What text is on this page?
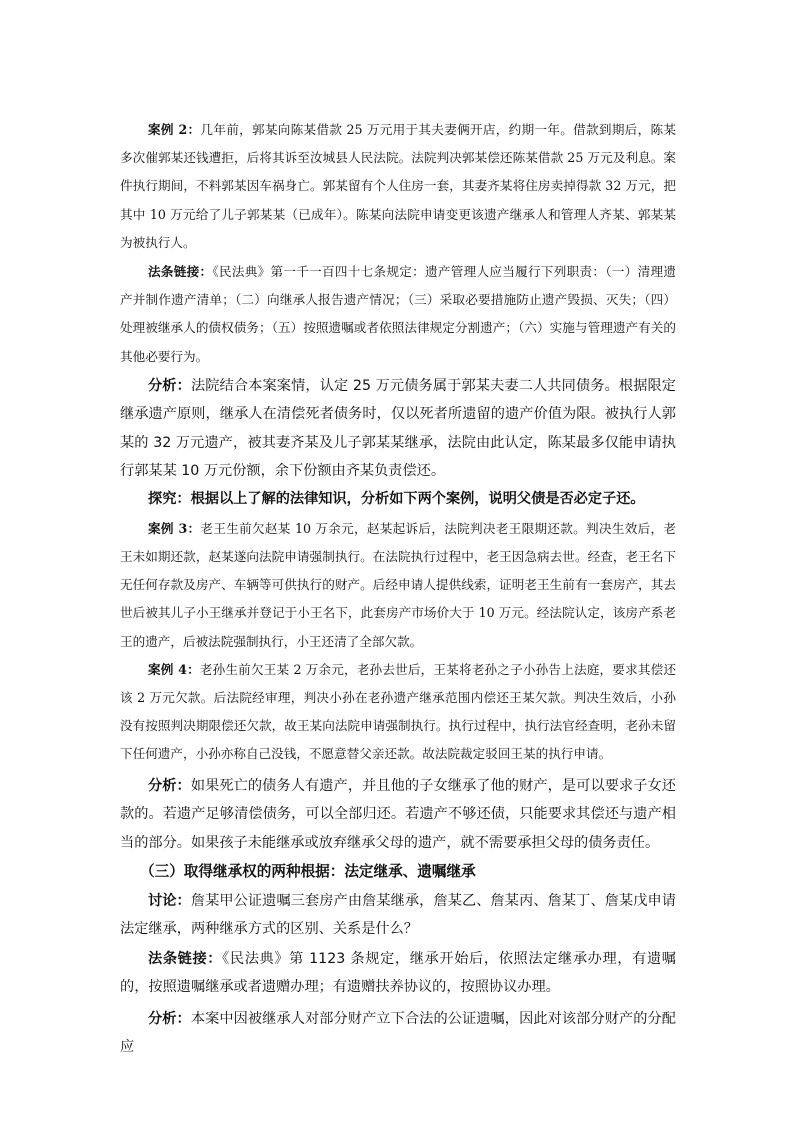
案例 2：几年前，郭某向陈某借款 25 万元用于其夫妻俩开店，约期一年。借款到期后，陈某多次催郭某还钱遭拒，后将其诉至汝城县人民法院。法院判决郭某偿还陈某借款 25 万元及利息。案件执行期间，不料郭某因车祸身亡。郭某留有个人住房一套，其妻齐某将住房卖掉得款 32 万元，把其中 10 万元给了儿子郭某某（已成年）。陈某向法院申请变更该遗产继承人和管理人齐某、郭某某为被执行人。

法条链接：《民法典》第一千一百四十七条规定：遗产管理人应当履行下列职责：（一）清理遗产并制作遗产清单；（二）向继承人报告遗产情况；（三）采取必要措施防止遗产毁损、灭失；（四）处理被继承人的债权债务；（五）按照遗嘱或者依照法律规定分割遗产；（六）实施与管理遗产有关的其他必要行为。

分析：法院结合本案案情，认定 25 万元债务属于郭某夫妻二人共同债务。根据限定继承遗产原则，继承人在清偿死者债务时，仅以死者所遗留的遗产价值为限。被执行人郭某的 32 万元遗产，被其妻齐某及儿子郭某某继承，法院由此认定，陈某最多仅能申请执行郭某某 10 万元份额，余下份额由齐某负责偿还。

探究：根据以上了解的法律知识，分析如下两个案例，说明父债是否必定子还。

案例 3：老王生前欠赵某 10 万余元，赵某起诉后，法院判决老王限期还款。判决生效后，老王未如期还款，赵某遂向法院申请强制执行。在法院执行过程中，老王因急病去世。经查，老王名下无任何存款及房产、车辆等可供执行的财产。后经申请人提供线索，证明老王生前有一套房产，其去世后被其儿子小王继承并登记于小王名下，此套房产市场价大于 10 万元。经法院认定，该房产系老王的遗产，后被法院强制执行，小王还清了全部欠款。

案例 4：老孙生前欠王某 2 万余元，老孙去世后，王某将老孙之子小孙告上法庭，要求其偿还该 2 万元欠款。后法院经审理，判决小孙在老孙遗产继承范围内偿还王某欠款。判决生效后，小孙没有按照判决期限偿还欠款，故王某向法院申请强制执行。执行过程中，执行法官经查明，老孙未留下任何遗产，小孙亦称自己没钱，不愿意替父亲还款。故法院裁定驳回王某的执行申请。

分析：如果死亡的债务人有遗产，并且他的子女继承了他的财产，是可以要求子女还款的。若遗产足够清偿债务，可以全部归还。若遗产不够还债，只能要求其偿还与遗产相当的部分。如果孩子未能继承或放弃继承父母的遗产，就不需要承担父母的债务责任。

（三）取得继承权的两种根据：法定继承、遗嘱继承

讨论：詹某甲公证遗嘱三套房产由詹某继承，詹某乙、詹某丙、詹某丁、詹某戊申请法定继承，两种继承方式的区别、关系是什么？

法条链接：《民法典》第 1123 条规定，继承开始后，依照法定继承办理，有遗嘱的，按照遗嘱继承或者遗赠办理；有遗赠扶养协议的，按照协议办理。

分析：本案中因被继承人对部分财产立下合法的公证遗嘱，因此对该部分财产的分配应
